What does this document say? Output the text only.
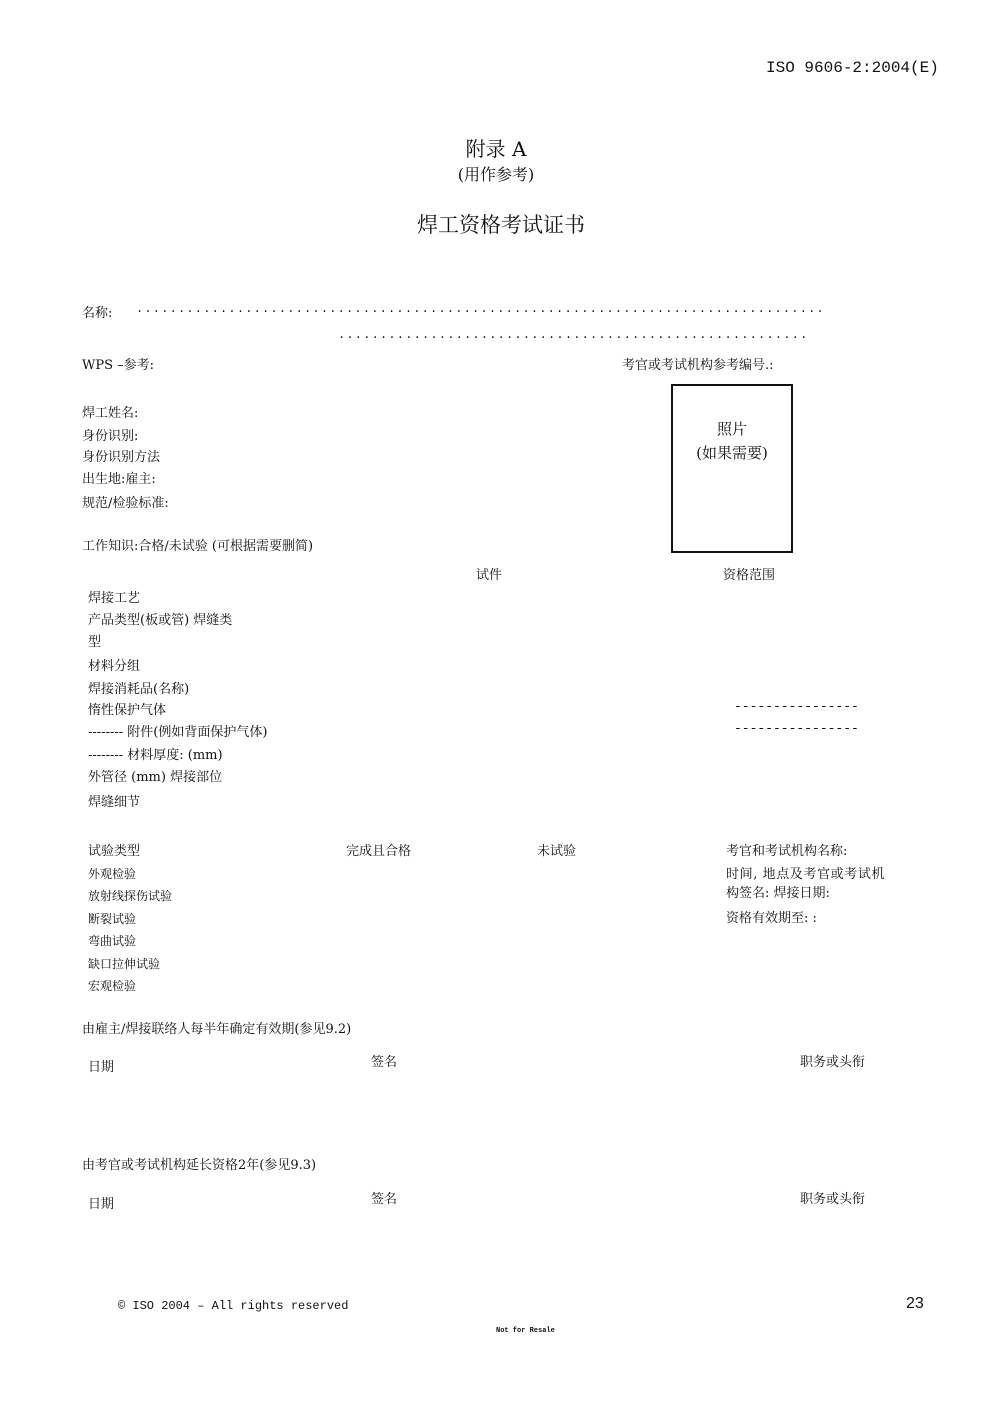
ISO 9606-2:2004(E)
附录 A
(用作参考)
焊工资格考试证书
名称: ..................................................................................
........................................................
WPS –参考:	考官或考试机构参考编号.:
焊工姓名:
身份识别:
身份识别方法
出生地:雇主:
规范/检验标准:
工作知识:合格/未试验 (可根据需要删简)
照片
(如果需要)
试件	资格范围
焊接工艺
产品类型(板或管) 焊缝类
型
材料分组
焊接消耗品(名称)
惰性保护气体
-------- 附件(例如背面保护气体)
-------- 材料厚度: (mm)
外管径 (mm) 焊接部位
焊缝细节
----------------
----------------
试验类型	完成且合格	未试验
外观检验
放射线探伤试验
断裂试验
弯曲试验
缺口拉伸试验
宏观检验
考官和考试机构名称:
时间, 地点及考官或考试机
构签名: 焊接日期:
资格有效期至: :
由雇主/焊接联络人每半年确定有效期(参见9.2)
日期	签名	职务或头衔
由考官或考试机构延长资格2年(参见9.3)
日期	签名	职务或头衔
© ISO 2004 – All rights reserved	23
Not for Resale
